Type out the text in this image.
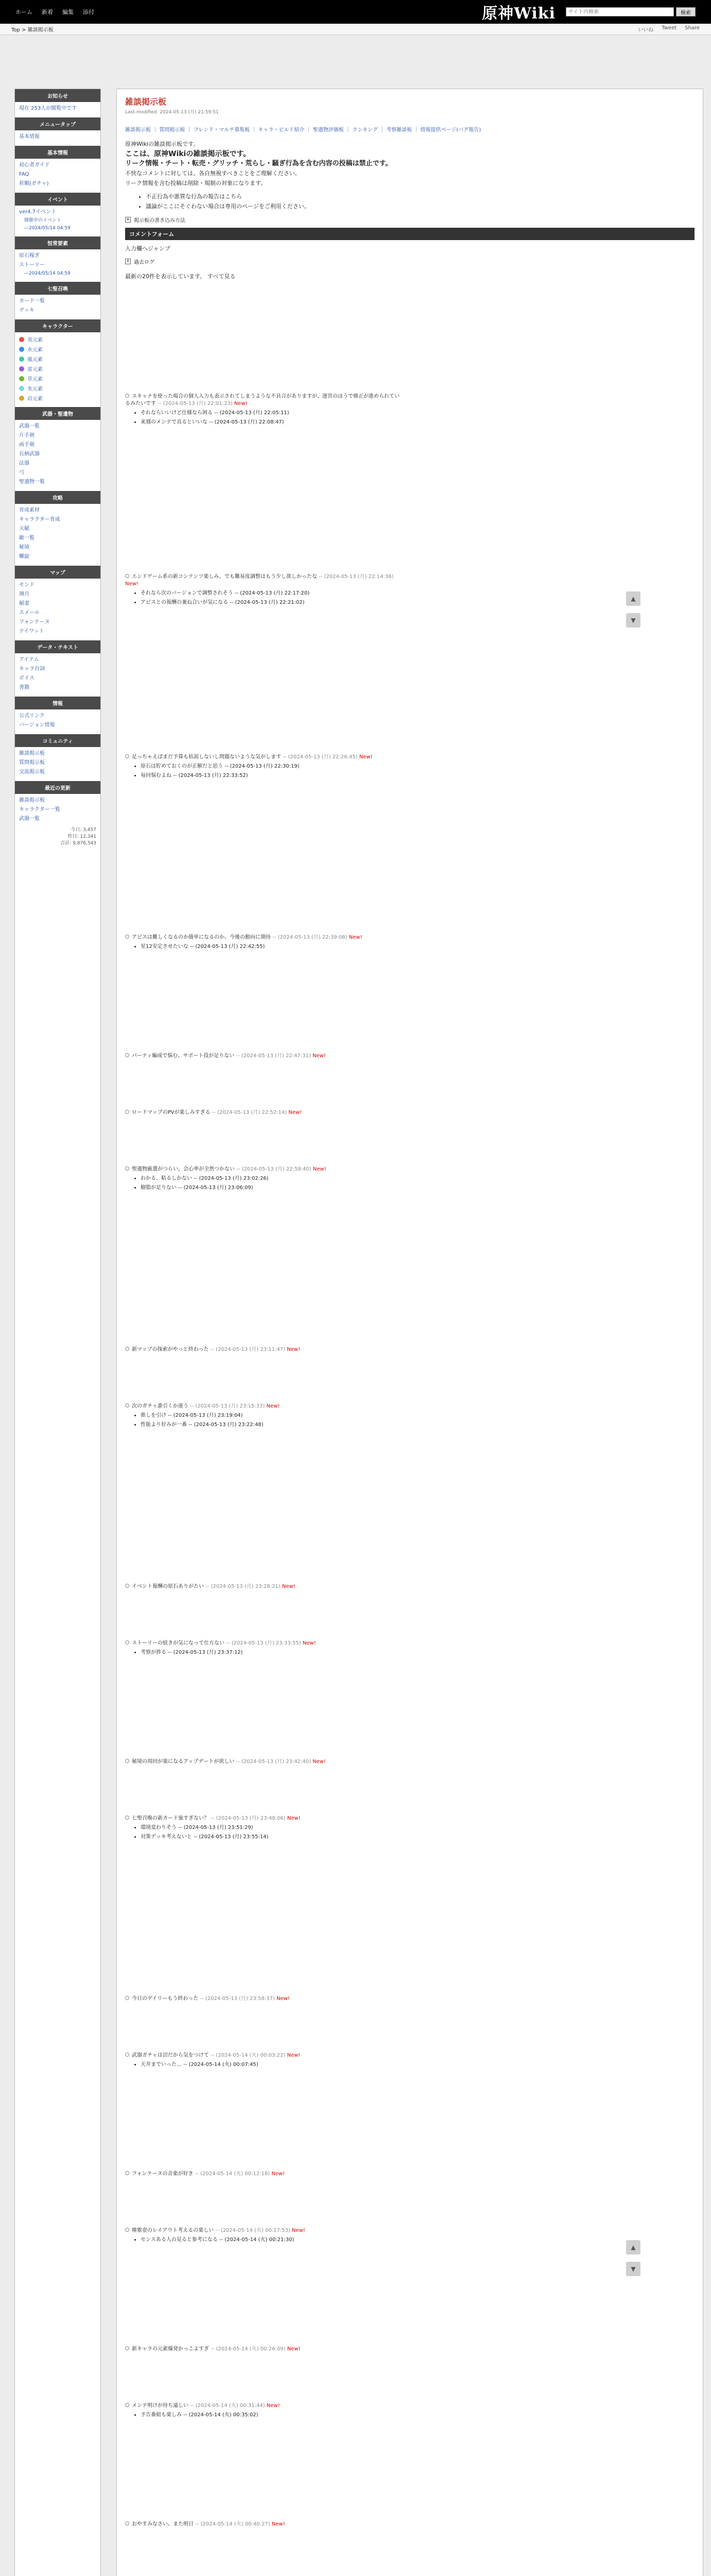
ホーム 新着 編集 添付	原神Wiki
サイト内検索	検索
Top > 雑談掲示板	いいね Tweet Share
お知らせ
現在 253人が閲覧中です
メニュータップ
基本情報
基本情報
初心者ガイド
FAQ
祈願(ガチャ)
イベント
ver4.7イベント
開催中のイベント
—2024/05/14 04:59
恒常要素
原石稼ぎ
ストーリー
—2024/05/14 04:59
七聖召喚
カード一覧
デッキ
キャラクター
炎元素
水元素
風元素
雷元素
草元素
氷元素
岩元素
武器・聖遺物
武器一覧
片手剣
両手剣
長柄武器
法器
弓
聖遺物一覧
攻略
育成素材
キャラクター育成
天賦
敵一覧
秘境
螺旋
マップ
モンド
璃月
稲妻
スメール
フォンテーヌ
テイワット
データ・テキスト
アイテム
キャラ台詞
ボイス
書籍
情報
公式リンク
バージョン情報
コミュニティ
雑談掲示板
質問掲示板
交流掲示板
最近の更新
雑談掲示板
キャラクター一覧
武器一覧
今日: 3,457
昨日: 12,341
合計: 9,876,543
雑談掲示板
Last-modified: 2024-05-13 (月) 21:59:51
雑談掲示板 ｜ 質問掲示板 ｜ フレンド・マルチ募集板 ｜ キャラ・ビルド紹介 ｜ 聖遺物評価板 ｜ ランキング ｜ 考察雑談板 ｜ 情報提供ページ(バグ報告)
原神Wikiの雑談掲示板です。
ここは、原神Wikiの雑談掲示板です。
リーク情報・チート・転売・グリッチ・荒らし・騒ぎ行為を含む内容の投稿は禁止です。
不快なコメントに対しては、各自無視すべきことをご理解ください。
リーク情報を含む投稿は削除・規制の対象になります。
• 不正行為や悪質な行為の報告はこちら
• 議論がここにそぐわない場合は専用のページをご利用ください。
+ 掲示板の書き込み方法
コメントフォーム
入力欄へジャンプ
+ 過去ログ
最新の20件を表示しています。 すべて見る
スキャナを使った場合の個人入力も表示されてしまうような不具合がありますが、運営のほうで修正が進められているみたいです -- (2024-05-13 (月) 22:01:23) New!
• それならいいけど仕様なら困る -- (2024-05-13 (月) 22:05:11)
• 来週のメンテで直るといいな -- (2024-05-13 (月) 22:08:47)
エンドゲーム系の新コンテンツ楽しみ。でも難易度調整はもう少し欲しかったな -- (2024-05-13 (月) 22:14:36) New!
• それなら次のバージョンで調整されそう -- (2024-05-13 (月) 22:17:20)
• アビスとの報酬の兼ね合いが気になる -- (2024-05-13 (月) 22:21:02)
足っちゃえばまだ予算も枯渇しないし問題ないような気がします -- (2024-05-13 (月) 22:26:45) New!
• 原石は貯めておくのが正解だと思う -- (2024-05-13 (月) 22:30:19)
• 毎回悩むよね -- (2024-05-13 (月) 22:33:52)
アビスは難しくなるのか簡単になるのか、今後の動向に期待 -- (2024-05-13 (月) 22:39:08) New!
• 星12安定させたいな -- (2024-05-13 (月) 22:42:55)
パーティ編成で悩む。サポート役が足りない -- (2024-05-13 (月) 22:47:31) New!
ロードマップのPVが楽しみすぎる -- (2024-05-13 (月) 22:52:14) New!
聖遺物厳選がつらい。会心率が全然つかない -- (2024-05-13 (月) 22:58:40) New!
• わかる、粘るしかない -- (2024-05-13 (月) 23:02:26)
• 樹脂が足りない -- (2024-05-13 (月) 23:06:09)
新マップの探索がやっと終わった -- (2024-05-13 (月) 23:11:47) New!
次のガチャ誰引くか迷う -- (2024-05-13 (月) 23:15:33) New!
• 推しを引け -- (2024-05-13 (月) 23:19:04)
• 性能より好みが一番 -- (2024-05-13 (月) 23:22:48)
イベント報酬の原石ありがたい -- (2024-05-13 (月) 23:28:21) New!
ストーリーの続きが気になって仕方ない -- (2024-05-13 (月) 23:33:55) New!
• 考察が捗る -- (2024-05-13 (月) 23:37:12)
秘境の周回が楽になるアップデートが欲しい -- (2024-05-13 (月) 23:42:40) New!
七聖召喚の新カード強すぎない？ -- (2024-05-13 (月) 23:48:06) New!
• 環境変わりそう -- (2024-05-13 (月) 23:51:29)
• 対策デッキ考えないと -- (2024-05-13 (月) 23:55:14)
今日のデイリーもう終わった -- (2024-05-13 (月) 23:58:37) New!
武器ガチャは沼だから気をつけて -- (2024-05-14 (火) 00:03:22) New!
• 天井までいった… -- (2024-05-14 (火) 00:07:45)
フォンテーヌの音楽が好き -- (2024-05-14 (火) 00:12:18) New!
塵歌壺のレイアウト考えるの楽しい -- (2024-05-14 (火) 00:17:53) New!
• センスある人の見ると参考になる -- (2024-05-14 (火) 00:21:30)
新キャラの元素爆発かっこよすぎ -- (2024-05-14 (火) 00:26:09) New!
メンテ明けが待ち遠しい -- (2024-05-14 (火) 00:31:44) New!
• 予告番組も楽しみ -- (2024-05-14 (火) 00:35:02)
おやすみなさい。また明日 -- (2024-05-14 (火) 00:40:27) New!
▲
▼
▲
▼
